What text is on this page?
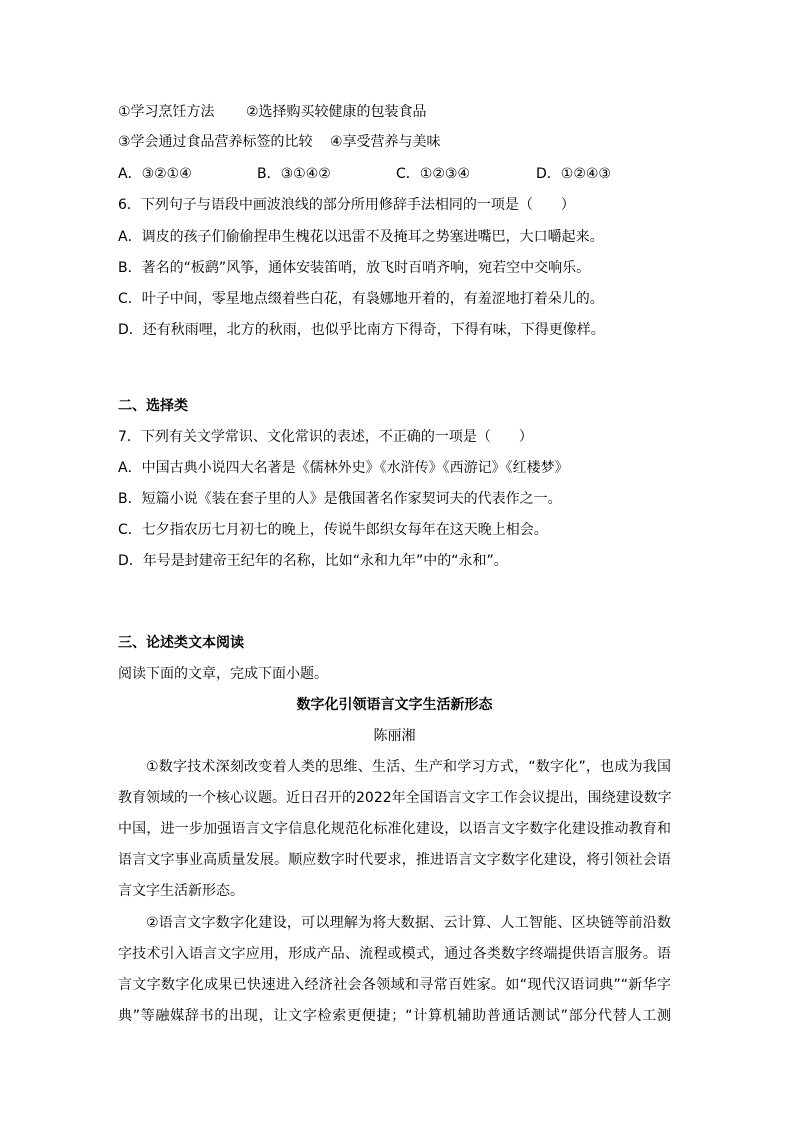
①学习烹饪方法 ②选择购买较健康的包装食品
③学会通过食品营养标签的比较 ④享受营养与美味
A．③②①④	B．③①④②	C．①②③④	D．①②④③
6．下列句子与语段中画波浪线的部分所用修辞手法相同的一项是（　　）
A．调皮的孩子们偷偷捏串生槐花以迅雷不及掩耳之势塞进嘴巴，大口嚼起来。
B．著名的“板鹞”风筝，通体安装笛哨，放飞时百哨齐响，宛若空中交响乐。
C．叶子中间，零星地点缀着些白花，有袅娜地开着的，有羞涩地打着朵儿的。
D．还有秋雨哩，北方的秋雨，也似乎比南方下得奇，下得有味，下得更像样。
二、选择类
7．下列有关文学常识、文化常识的表述，不正确的一项是（　　）
A．中国古典小说四大名著是《儒林外史》《水浒传》《西游记》《红楼梦》
B．短篇小说《装在套子里的人》是俄国著名作家契诃夫的代表作之一。
C．七夕指农历七月初七的晚上，传说牛郎织女每年在这天晚上相会。
D．年号是封建帝王纪年的名称，比如“永和九年”中的“永和”。
三、论述类文本阅读
阅读下面的文章，完成下面小题。
数字化引领语言文字生活新形态
陈丽湘
①数字技术深刻改变着人类的思维、生活、生产和学习方式，“数字化”，也成为我国
教育领域的一个核心议题。近日召开的2022年全国语言文字工作会议提出，围绕建设数字
中国，进一步加强语言文字信息化规范化标准化建设，以语言文字数字化建设推动教育和
语言文字事业高质量发展。顺应数字时代要求，推进语言文字数字化建设，将引领社会语
言文字生活新形态。
②语言文字数字化建设，可以理解为将大数据、云计算、人工智能、区块链等前沿数
字技术引入语言文字应用，形成产品、流程或模式，通过各类数字终端提供语言服务。语
言文字数字化成果已快速进入经济社会各领域和寻常百姓家。如“现代汉语词典”“新华字
典”等融媒辞书的出现，让文字检索更便捷；“计算机辅助普通话测试”部分代替人工测
